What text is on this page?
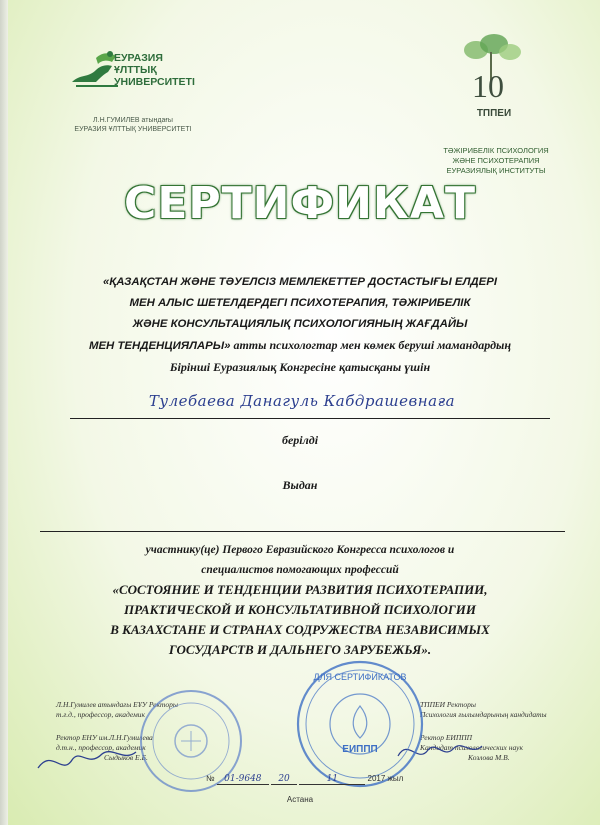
ЕУРАЗИЯ
ҰЛТТЫҚ
УНИВЕРСИТЕТІ
Л.Н.ГУМИЛЕВ атындағы
ЕУРАЗИЯ ҰЛТТЫҚ УНИВЕРСИТЕТІ
10
ТППЕИ
ТӘЖІРИБЕЛІК ПСИХОЛОГИЯ
ЖӘНЕ ПСИХОТЕРАПИЯ
ЕУРАЗИЯЛЫҚ ИНСТИТУТЫ
СЕРТИФИКАТ
«ҚАЗАҚСТАН ЖӘНЕ ТӘУЕЛСІЗ МЕМЛЕКЕТТЕР ДОСТАСТЫҒЫ ЕЛДЕРІ
МЕН АЛЫС ШЕТЕЛДЕРДЕГІ ПСИХОТЕРАПИЯ, ТӘЖІРИБЕЛІК
ЖӘНЕ КОНСУЛЬТАЦИЯЛЫҚ ПСИХОЛОГИЯНЫҢ ЖАҒДАЙЫ
МЕН ТЕНДЕНЦИЯЛАРЫ» атты психологтар мен көмек беруші мамандардың
Бірінші Еуразиялық Конгресіне қатысқаны үшін
Тулебаева Данагуль Кабдрашевнаға
берілді
Выдан
участнику(це) Первого Евразийского Конгресса психологов и
специалистов помогающих профессий
«СОСТОЯНИЕ И ТЕНДЕНЦИИ РАЗВИТИЯ ПСИХОТЕРАПИИ,
ПРАКТИЧЕСКОЙ И КОНСУЛЬТАТИВНОЙ ПСИХОЛОГИИ
В КАЗАХСТАНЕ И СТРАНАХ СОДРУЖЕСТВА НЕЗАВИСИМЫХ
ГОСУДАРСТВ И ДАЛЬНЕГО ЗАРУБЕЖЬЯ».
Л.Н.Гумилев атындағы ЕҰУ Ректоры
т.ғ.д., профессор, академик
Ректор ЕНУ им.Л.Н.Гумилева
д.т.н., профессор, академик
Сыдыков Е.Б.
ТППЕИ Ректоры
Психология ғылымдарының кандидаты
Ректор ЕИППП
Кандидат психологических наук
Козлова М.В.
ДЛЯ СЕРТИФИКАТОВ
ЕИППП
№ 01-9648 20	11	2017 жыл
Астана
